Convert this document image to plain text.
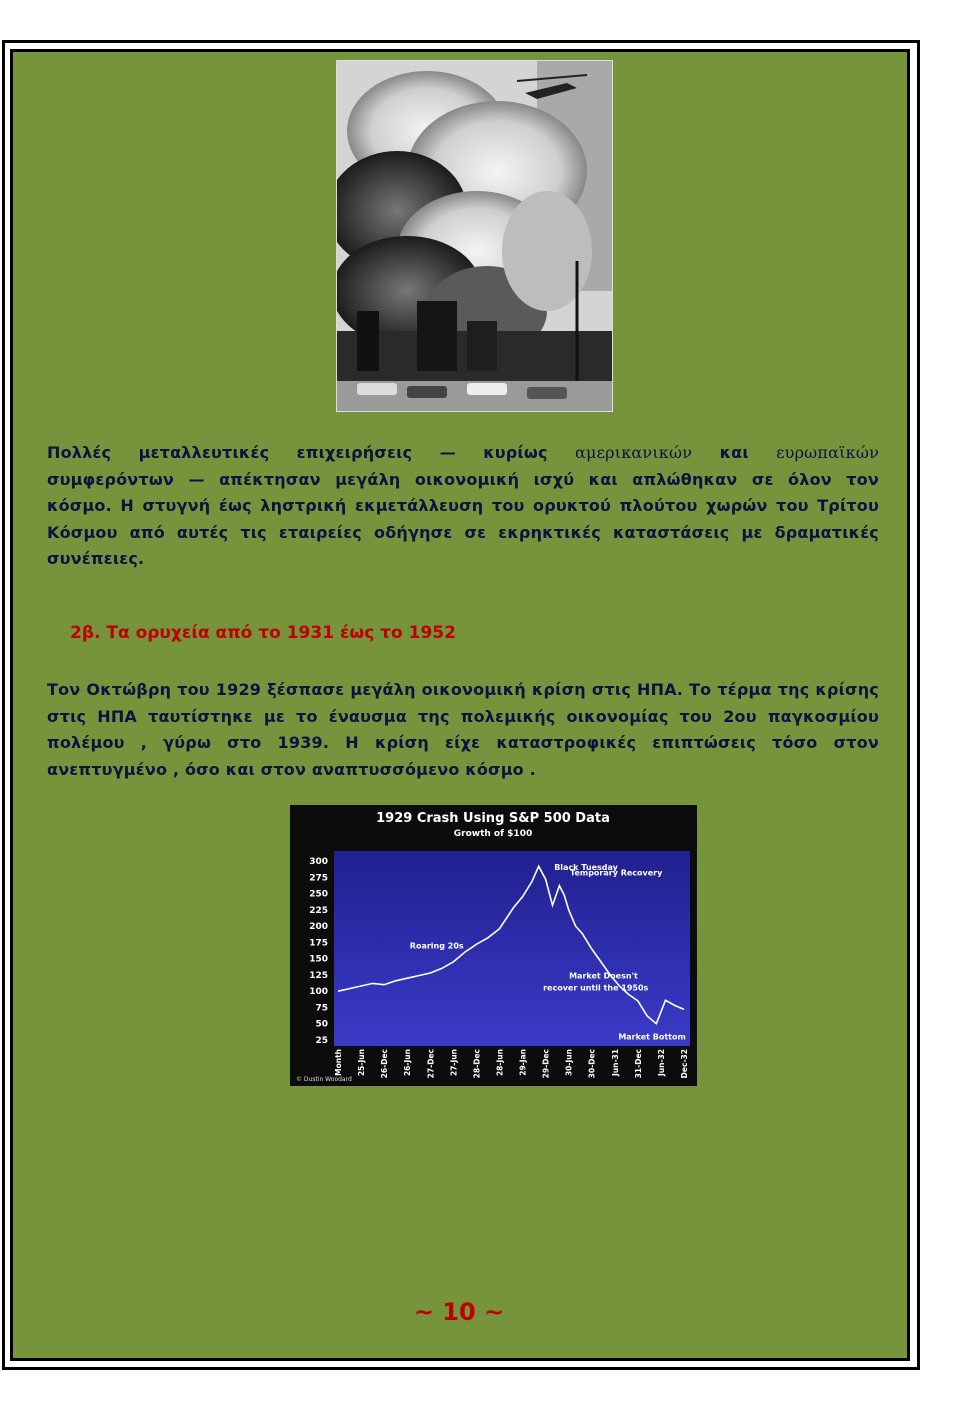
Πολλές μεταλλευτικές επιχειρήσεις — κυρίως αμερικανικών και ευρωπαϊκών
συμφερόντων — απέκτησαν μεγάλη οικονομική ισχύ και απλώθηκαν σε όλον τον
κόσμο. Η στυγνή έως ληστρική εκμετάλλευση του ορυκτού πλούτου χωρών του Τρίτου Κόσμου από αυτές τις εταιρείες οδήγησε σε εκρηκτικές καταστάσεις με δραματικές συνέπειες.
2β. Τα ορυχεία από το 1931 έως το 1952
Τον Οκτώβρη του 1929 ξέσπασε μεγάλη οικονομική κρίση στις ΗΠΑ. Το τέρμα της κρίσης στις ΗΠΑ ταυτίστηκε με το έναυσμα της πολεμικής οικονομίας του 2ου παγκοσμίου πολέμου , γύρω στο 1939. Η κρίση είχε καταστροφικές επιπτώσεις τόσο στον ανεπτυγμένο , όσο και στον αναπτυσσόμενο κόσμο .
1929 Crash Using S&P 500 Data
Growth of $100
300
275
250
225
200
175
150
125
100
75
50
25
Month 25-Jun 26-Dec 26-Jun 27-Dec 27-Jun 28-Dec 28-Jun 29-Jan 29-Dec 30-Jun 30-Dec Jun-31 31-Dec Jun-32 Dec-32
Black Tuesday
Temporary Recovery
Roaring 20s
Market Doesn't
recover until the 1950s
Market Bottom
© Dustin Woodard
~ 10 ~
